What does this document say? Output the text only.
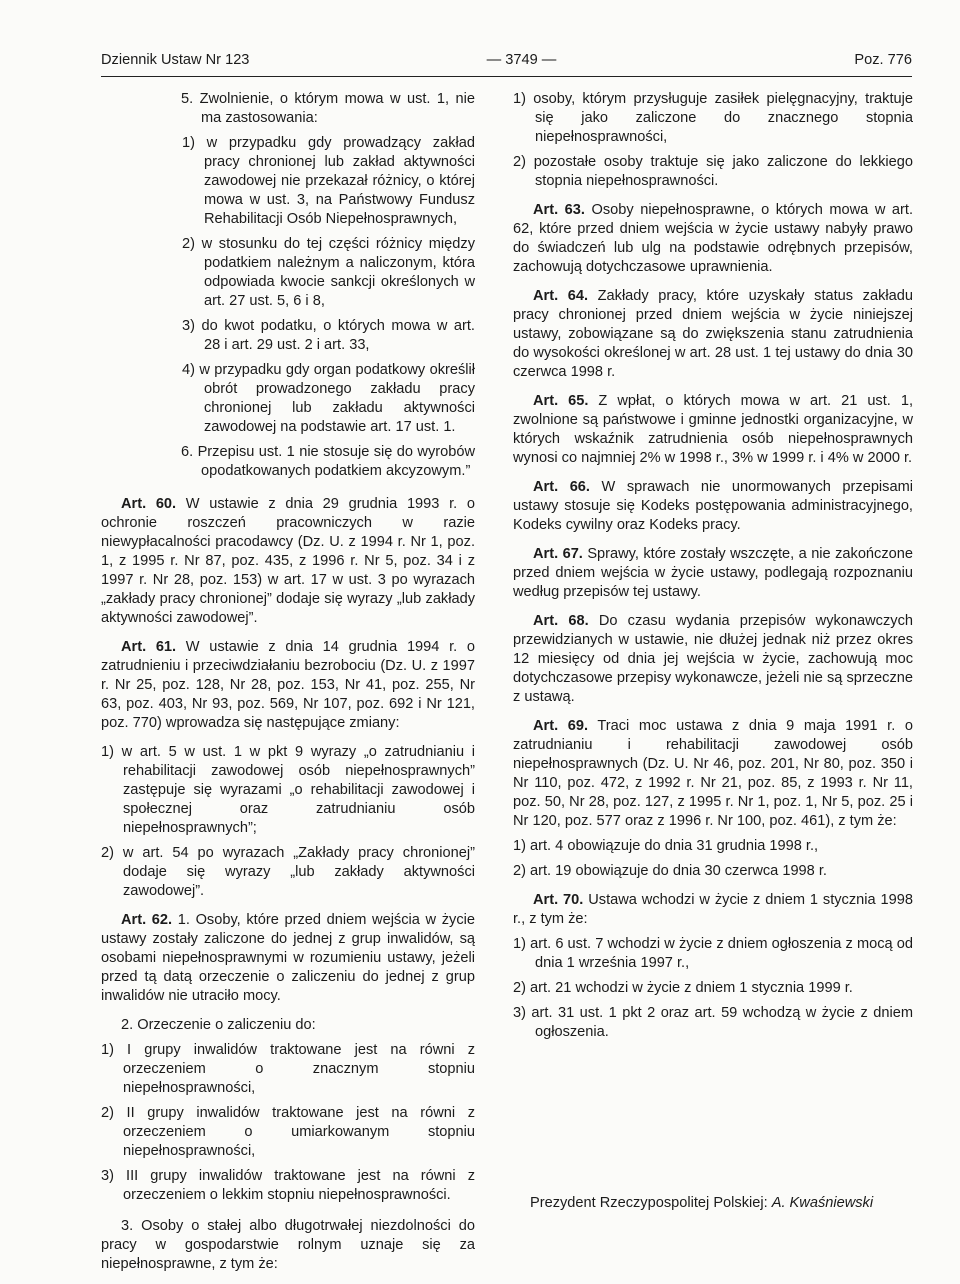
Dziennik Ustaw Nr 123	— 3749 —	Poz. 776

5. Zwolnienie, o którym mowa w ust. 1, nie ma zastosowania:

1) w przypadku gdy prowadzący zakład pracy chronionej lub zakład aktywności zawodowej nie przekazał różnicy, o której mowa w ust. 3, na Państwowy Fundusz Rehabilitacji Osób Niepełnosprawnych,

2) w stosunku do tej części różnicy między podatkiem należnym a naliczonym, która odpowiada kwocie sankcji określonych w art. 27 ust. 5, 6 i 8,

3) do kwot podatku, o których mowa w art. 28 i art. 29 ust. 2 i art. 33,

4) w przypadku gdy organ podatkowy określił obrót prowadzonego zakładu pracy chronionej lub zakładu aktywności zawodowej na podstawie art. 17 ust. 1.

6. Przepisu ust. 1 nie stosuje się do wyrobów opodatkowanych podatkiem akcyzowym.”

Art. 60. W ustawie z dnia 29 grudnia 1993 r. o ochronie roszczeń pracowniczych w razie niewypłacalności pracodawcy (Dz. U. z 1994 r. Nr 1, poz. 1, z 1995 r. Nr 87, poz. 435, z 1996 r. Nr 5, poz. 34 i z 1997 r. Nr 28, poz. 153) w art. 17 w ust. 3 po wyrazach „zakłady pracy chronionej” dodaje się wyrazy „lub zakłady aktywności zawodowej”.

Art. 61. W ustawie z dnia 14 grudnia 1994 r. o zatrudnieniu i przeciwdziałaniu bezrobociu (Dz. U. z 1997 r. Nr 25, poz. 128, Nr 28, poz. 153, Nr 41, poz. 255, Nr 63, poz. 403, Nr 93, poz. 569, Nr 107, poz. 692 i Nr 121, poz. 770) wprowadza się następujące zmiany:

1) w art. 5 w ust. 1 w pkt 9 wyrazy „o zatrudnianiu i rehabilitacji zawodowej osób niepełnosprawnych” zastępuje się wyrazami „o rehabilitacji zawodowej i społecznej oraz zatrudnianiu osób niepełnosprawnych”;

2) w art. 54 po wyrazach „Zakłady pracy chronionej” dodaje się wyrazy „lub zakłady aktywności zawodowej”.

Art. 62. 1. Osoby, które przed dniem wejścia w życie ustawy zostały zaliczone do jednej z grup inwalidów, są osobami niepełnosprawnymi w rozumieniu ustawy, jeżeli przed tą datą orzeczenie o zaliczeniu do jednej z grup inwalidów nie utraciło mocy.

2. Orzeczenie o zaliczeniu do:

1) I grupy inwalidów traktowane jest na równi z orzeczeniem o znacznym stopniu niepełnosprawności,

2) II grupy inwalidów traktowane jest na równi z orzeczeniem o umiarkowanym stopniu niepełnosprawności,

3) III grupy inwalidów traktowane jest na równi z orzeczeniem o lekkim stopniu niepełnosprawności.

3. Osoby o stałej albo długotrwałej niezdolności do pracy w gospodarstwie rolnym uznaje się za niepełnosprawne, z tym że:

1) osoby, którym przysługuje zasiłek pielęgnacyjny, traktuje się jako zaliczone do znacznego stopnia niepełnosprawności,

2) pozostałe osoby traktuje się jako zaliczone do lekkiego stopnia niepełnosprawności.

Art. 63. Osoby niepełnosprawne, o których mowa w art. 62, które przed dniem wejścia w życie ustawy nabyły prawo do świadczeń lub ulg na podstawie odrębnych przepisów, zachowują dotychczasowe uprawnienia.

Art. 64. Zakłady pracy, które uzyskały status zakładu pracy chronionej przed dniem wejścia w życie niniejszej ustawy, zobowiązane są do zwiększenia stanu zatrudnienia do wysokości określonej w art. 28 ust. 1 tej ustawy do dnia 30 czerwca 1998 r.

Art. 65. Z wpłat, o których mowa w art. 21 ust. 1, zwolnione są państwowe i gminne jednostki organizacyjne, w których wskaźnik zatrudnienia osób niepełnosprawnych wynosi co najmniej 2% w 1998 r., 3% w 1999 r. i 4% w 2000 r.

Art. 66. W sprawach nie unormowanych przepisami ustawy stosuje się Kodeks postępowania administracyjnego, Kodeks cywilny oraz Kodeks pracy.

Art. 67. Sprawy, które zostały wszczęte, a nie zakończone przed dniem wejścia w życie ustawy, podlegają rozpoznaniu według przepisów tej ustawy.

Art. 68. Do czasu wydania przepisów wykonawczych przewidzianych w ustawie, nie dłużej jednak niż przez okres 12 miesięcy od dnia jej wejścia w życie, zachowują moc dotychczasowe przepisy wykonawcze, jeżeli nie są sprzeczne z ustawą.

Art. 69. Traci moc ustawa z dnia 9 maja 1991 r. o zatrudnianiu i rehabilitacji zawodowej osób niepełnosprawnych (Dz. U. Nr 46, poz. 201, Nr 80, poz. 350 i Nr 110, poz. 472, z 1992 r. Nr 21, poz. 85, z 1993 r. Nr 11, poz. 50, Nr 28, poz. 127, z 1995 r. Nr 1, poz. 1, Nr 5, poz. 25 i Nr 120, poz. 577 oraz z 1996 r. Nr 100, poz. 461), z tym że:

1) art. 4 obowiązuje do dnia 31 grudnia 1998 r.,

2) art. 19 obowiązuje do dnia 30 czerwca 1998 r.

Art. 70. Ustawa wchodzi w życie z dniem 1 stycznia 1998 r., z tym że:

1) art. 6 ust. 7 wchodzi w życie z dniem ogłoszenia z mocą od dnia 1 września 1997 r.,

2) art. 21 wchodzi w życie z dniem 1 stycznia 1999 r.

3) art. 31 ust. 1 pkt 2 oraz art. 59 wchodzą w życie z dniem ogłoszenia.

Prezydent Rzeczypospolitej Polskiej: A. Kwaśniewski
